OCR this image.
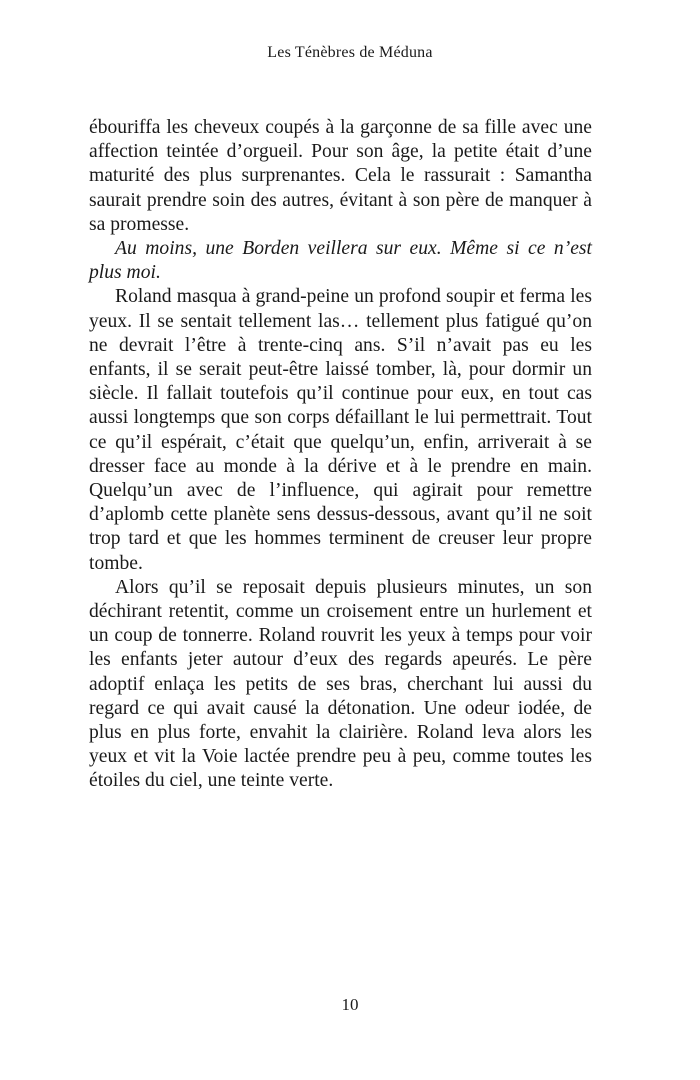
Les Ténèbres de Méduna

ébouriffa les cheveux coupés à la garçonne de sa fille avec une affection teintée d’orgueil. Pour son âge, la petite était d’une maturité des plus surprenantes. Cela le rassurait : Samantha saurait prendre soin des autres, évitant à son père de manquer à sa promesse.

Au moins, une Borden veillera sur eux. Même si ce n’est plus moi.

Roland masqua à grand-peine un profond soupir et ferma les yeux. Il se sentait tellement las… tellement plus fatigué qu’on ne devrait l’être à trente-cinq ans. S’il n’avait pas eu les enfants, il se serait peut-être laissé tomber, là, pour dormir un siècle. Il fallait toutefois qu’il continue pour eux, en tout cas aussi longtemps que son corps défaillant le lui permettrait. Tout ce qu’il espérait, c’était que quelqu’un, enfin, arriverait à se dresser face au monde à la dérive et à le prendre en main. Quelqu’un avec de l’influence, qui agirait pour remettre d’aplomb cette planète sens dessus-dessous, avant qu’il ne soit trop tard et que les hommes terminent de creuser leur propre tombe.

Alors qu’il se reposait depuis plusieurs minutes, un son déchirant retentit, comme un croisement entre un hurlement et un coup de tonnerre. Roland rouvrit les yeux à temps pour voir les enfants jeter autour d’eux des regards apeurés. Le père adoptif enlaça les petits de ses bras, cherchant lui aussi du regard ce qui avait causé la détonation. Une odeur iodée, de plus en plus forte, envahit la clairière. Roland leva alors les yeux et vit la Voie lactée prendre peu à peu, comme toutes les étoiles du ciel, une teinte verte.

10
